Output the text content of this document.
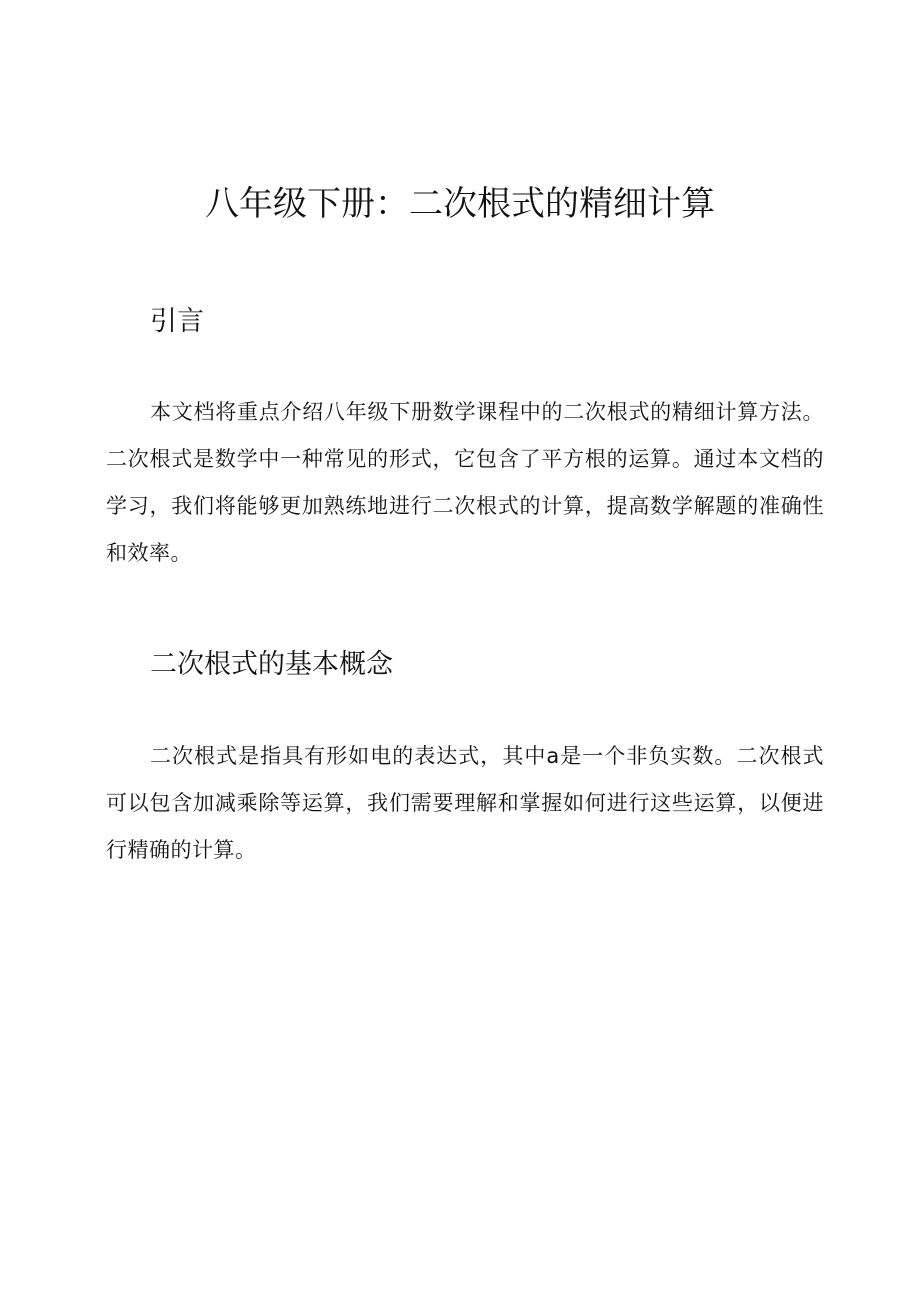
八年级下册：二次根式的精细计算
引言

本文档将重点介绍八年级下册数学课程中的二次根式的精细计算方法。二次根式是数学中一种常见的形式，它包含了平方根的运算。通过本文档的学习，我们将能够更加熟练地进行二次根式的计算，提高数学解题的准确性和效率。

二次根式的基本概念

二次根式是指具有形如电的表达式，其中a是一个非负实数。二次根式可以包含加减乘除等运算，我们需要理解和掌握如何进行这些运算，以便进行精确的计算。
